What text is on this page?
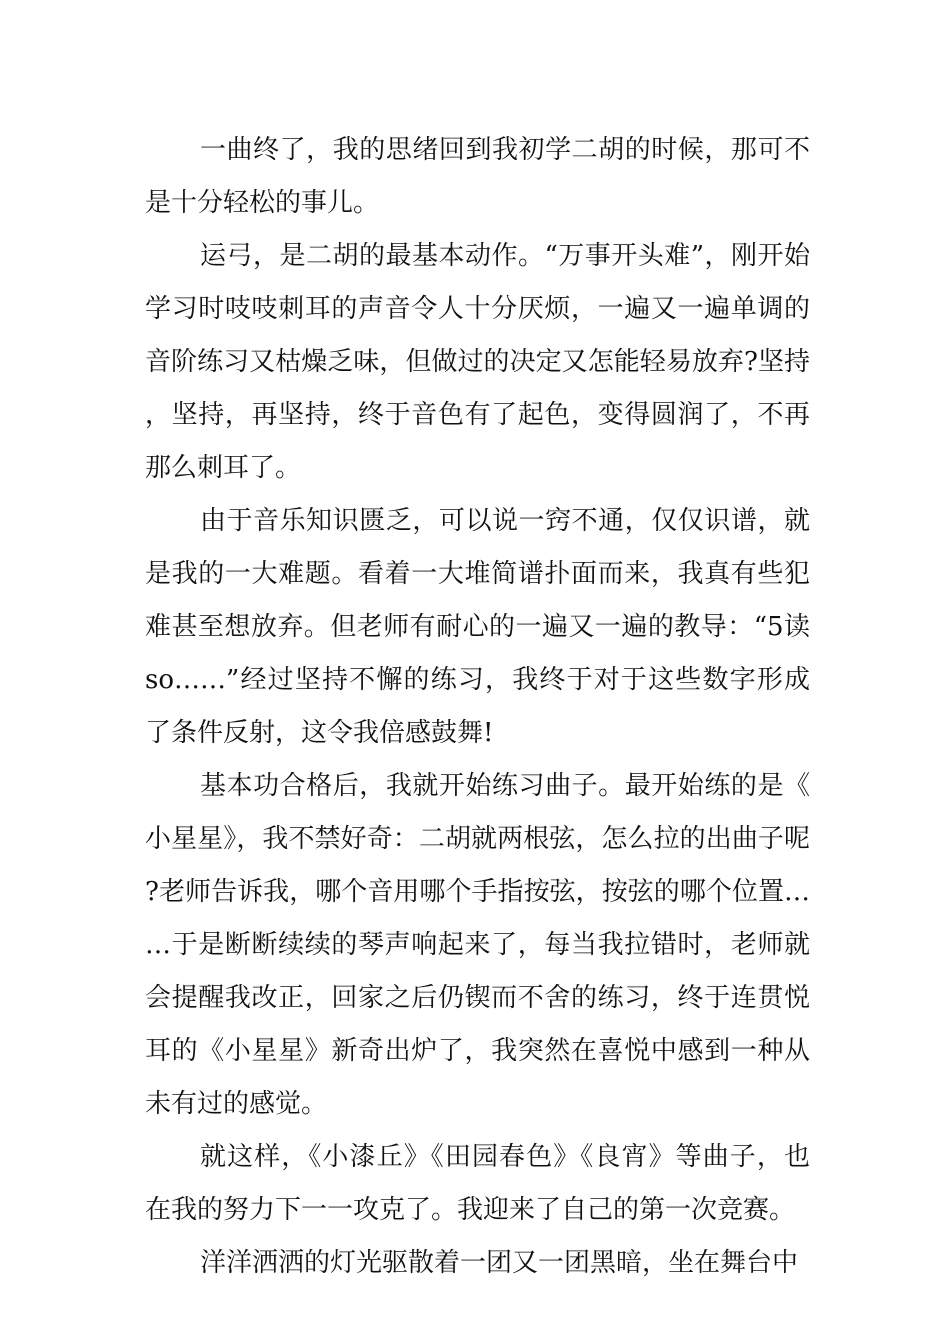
一曲终了，我的思绪回到我初学二胡的时候，那可不是十分轻松的事儿。

运弓，是二胡的最基本动作。“万事开头难”，刚开始学习时吱吱刺耳的声音令人十分厌烦，一遍又一遍单调的音阶练习又枯燥乏味，但做过的决定又怎能轻易放弃?坚持，坚持，再坚持，终于音色有了起色，变得圆润了，不再那么刺耳了。

由于音乐知识匮乏，可以说一窍不通，仅仅识谱，就是我的一大难题。看着一大堆简谱扑面而来，我真有些犯难甚至想放弃。但老师有耐心的一遍又一遍的教导：“5读so……”经过坚持不懈的练习，我终于对于这些数字形成了条件反射，这令我倍感鼓舞!

基本功合格后，我就开始练习曲子。最开始练的是《小星星》，我不禁好奇：二胡就两根弦，怎么拉的出曲子呢?老师告诉我，哪个音用哪个手指按弦，按弦的哪个位置……于是断断续续的琴声响起来了，每当我拉错时，老师就会提醒我改正，回家之后仍锲而不舍的练习，终于连贯悦耳的《小星星》新奇出炉了，我突然在喜悦中感到一种从未有过的感觉。

就这样，《小漆丘》《田园春色》《良宵》等曲子，也在我的努力下一一攻克了。我迎来了自己的第一次竞赛。

洋洋洒洒的灯光驱散着一团又一团黑暗，坐在舞台中
